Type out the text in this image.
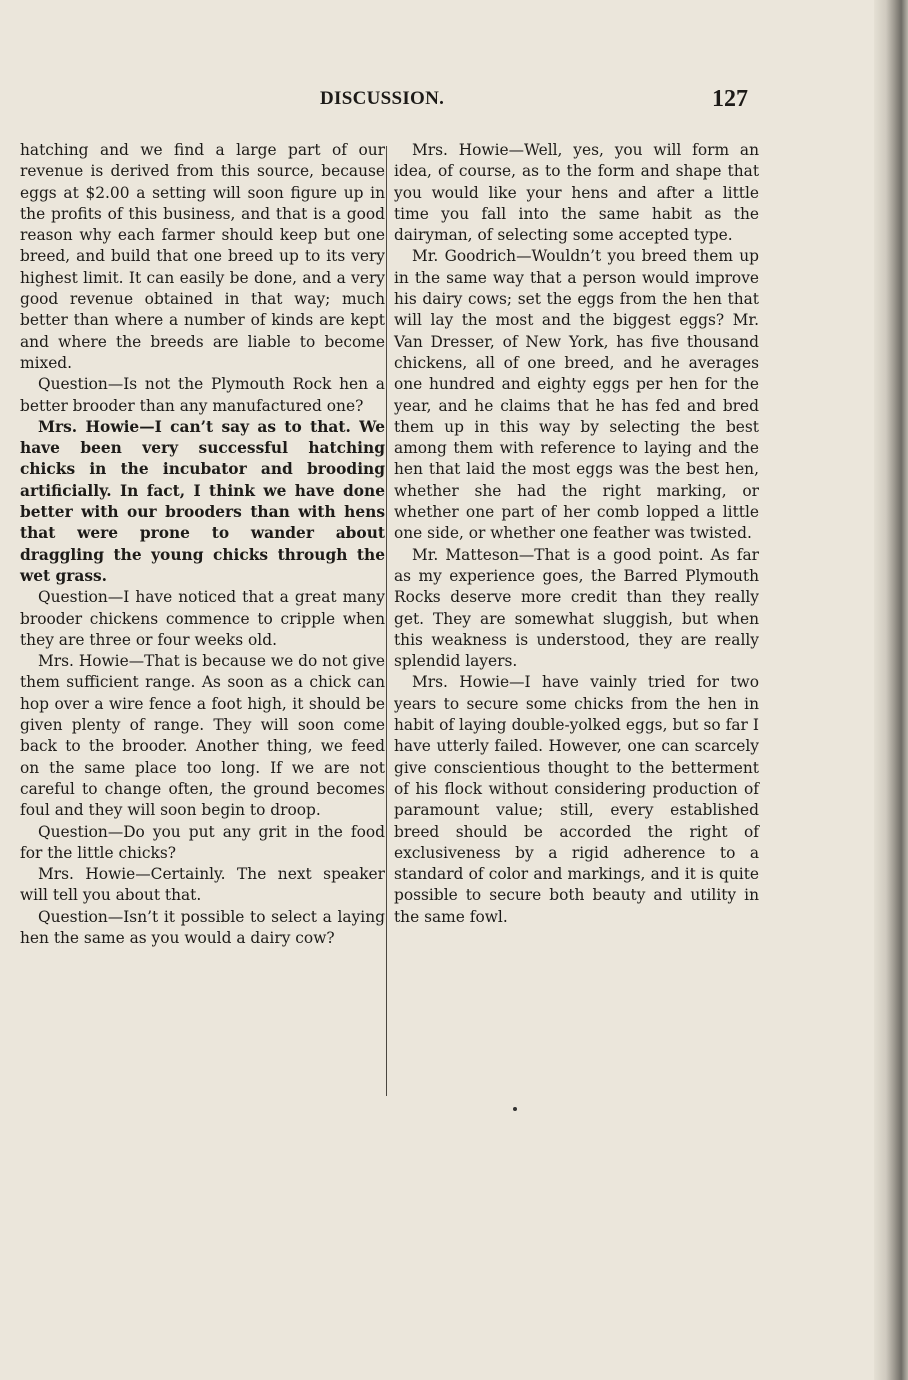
DISCUSSION.	127

hatching and we find a large part of our revenue is derived from this source, because eggs at $2.00 a setting will soon figure up in the profits of this business, and that is a good reason why each farmer should keep but one breed, and build that one breed up to its very highest limit. It can easily be done, and a very good revenue obtained in that way; much better than where a number of kinds are kept and where the breeds are liable to become mixed.

Question—Is not the Plymouth Rock hen a better brooder than any manufactured one?

Mrs. Howie—I can’t say as to that. We have been very successful hatching chicks in the incubator and brooding artificially. In fact, I think we have done better with our brooders than with hens that were prone to wander about draggling the young chicks through the wet grass.

Question—I have noticed that a great many brooder chickens commence to cripple when they are three or four weeks old.

Mrs. Howie—That is because we do not give them sufficient range. As soon as a chick can hop over a wire fence a foot high, it should be given plenty of range. They will soon come back to the brooder. Another thing, we feed on the same place too long. If we are not careful to change often, the ground becomes foul and they will soon begin to droop.

Question—Do you put any grit in the food for the little chicks?

Mrs. Howie—Certainly. The next speaker will tell you about that.

Question—Isn’t it possible to select a laying hen the same as you would a dairy cow?

Mrs. Howie—Well, yes, you will form an idea, of course, as to the form and shape that you would like your hens and after a little time you fall into the same habit as the dairyman, of selecting some accepted type.

Mr. Goodrich—Wouldn’t you breed them up in the same way that a person would improve his dairy cows; set the eggs from the hen that will lay the most and the biggest eggs? Mr. Van Dresser, of New York, has five thousand chickens, all of one breed, and he averages one hundred and eighty eggs per hen for the year, and he claims that he has fed and bred them up in this way by selecting the best among them with reference to laying and the hen that laid the most eggs was the best hen, whether she had the right marking, or whether one part of her comb lopped a little one side, or whether one feather was twisted.

Mr. Matteson—That is a good point. As far as my experience goes, the Barred Plymouth Rocks deserve more credit than they really get. They are somewhat sluggish, but when this weakness is understood, they are really splendid layers.

Mrs. Howie—I have vainly tried for two years to secure some chicks from the hen in habit of laying double-yolked eggs, but so far I have utterly failed. However, one can scarcely give conscientious thought to the betterment of his flock without considering production of paramount value; still, every established breed should be accorded the right of exclusiveness by a rigid adherence to a standard of color and markings, and it is quite possible to secure both beauty and utility in the same fowl.
